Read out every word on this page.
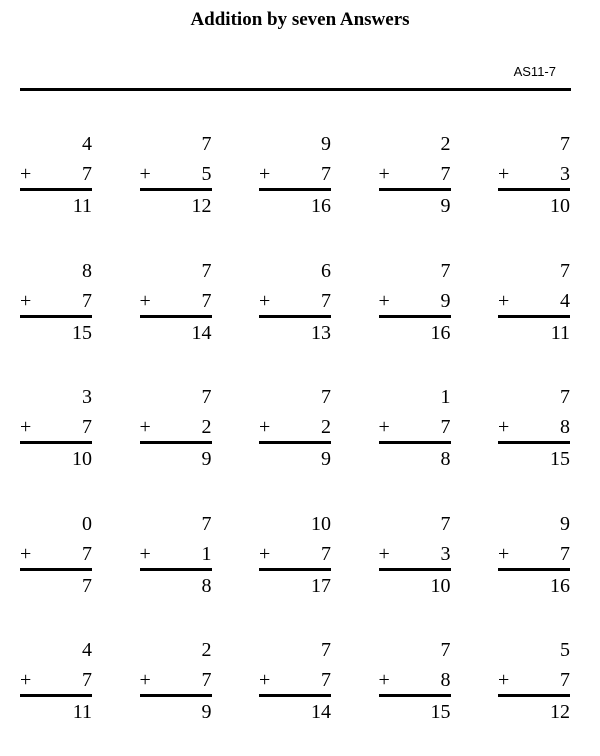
Addition by seven Answers
AS11-7
4
+	7
11
7
+	5
12
9
+	7
16
2
+	7
9
7
+	3
10
8
+	7
15
7
+	7
14
6
+	7
13
7
+	9
16
7
+	4
11
3
+	7
10
7
+	2
9
7
+	2
9
1
+	7
8
7
+	8
15
0
+	7
7
7
+	1
8
10
+	7
17
7
+	3
10
9
+	7
16
4
+	7
11
2
+	7
9
7
+	7
14
7
+	8
15
5
+	7
12
